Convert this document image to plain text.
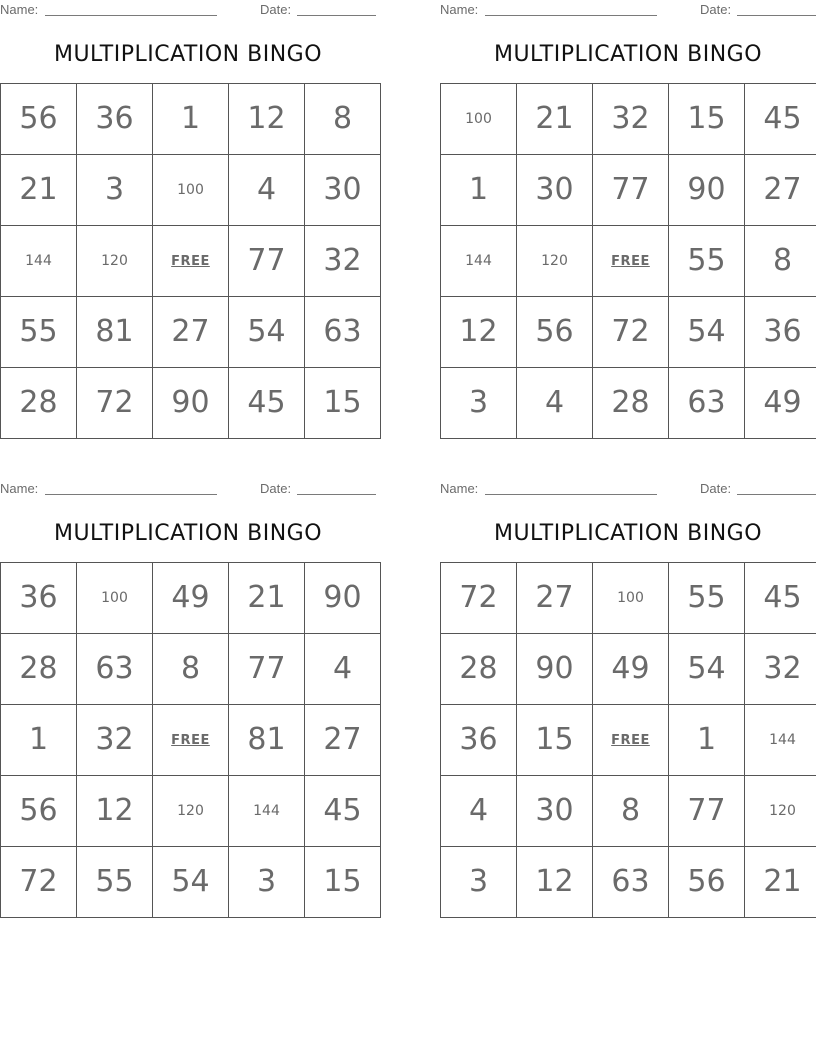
Name:	Date:
MULTIPLICATION BINGO
56	36	1	12	8
21	3	100	4	30
144	120	FREE	77	32
55	81	27	54	63
28	72	90	45	15
Name:	Date:
MULTIPLICATION BINGO
100	21	32	15	45
1	30	77	90	27
144	120	FREE	55	8
12	56	72	54	36
3	4	28	63	49
Name:	Date:
MULTIPLICATION BINGO
36	100	49	21	90
28	63	8	77	4
1	32	FREE	81	27
56	12	120	144	45
72	55	54	3	15
Name:	Date:
MULTIPLICATION BINGO
72	27	100	55	45
28	90	49	54	32
36	15	FREE	1	144
4	30	8	77	120
3	12	63	56	21
